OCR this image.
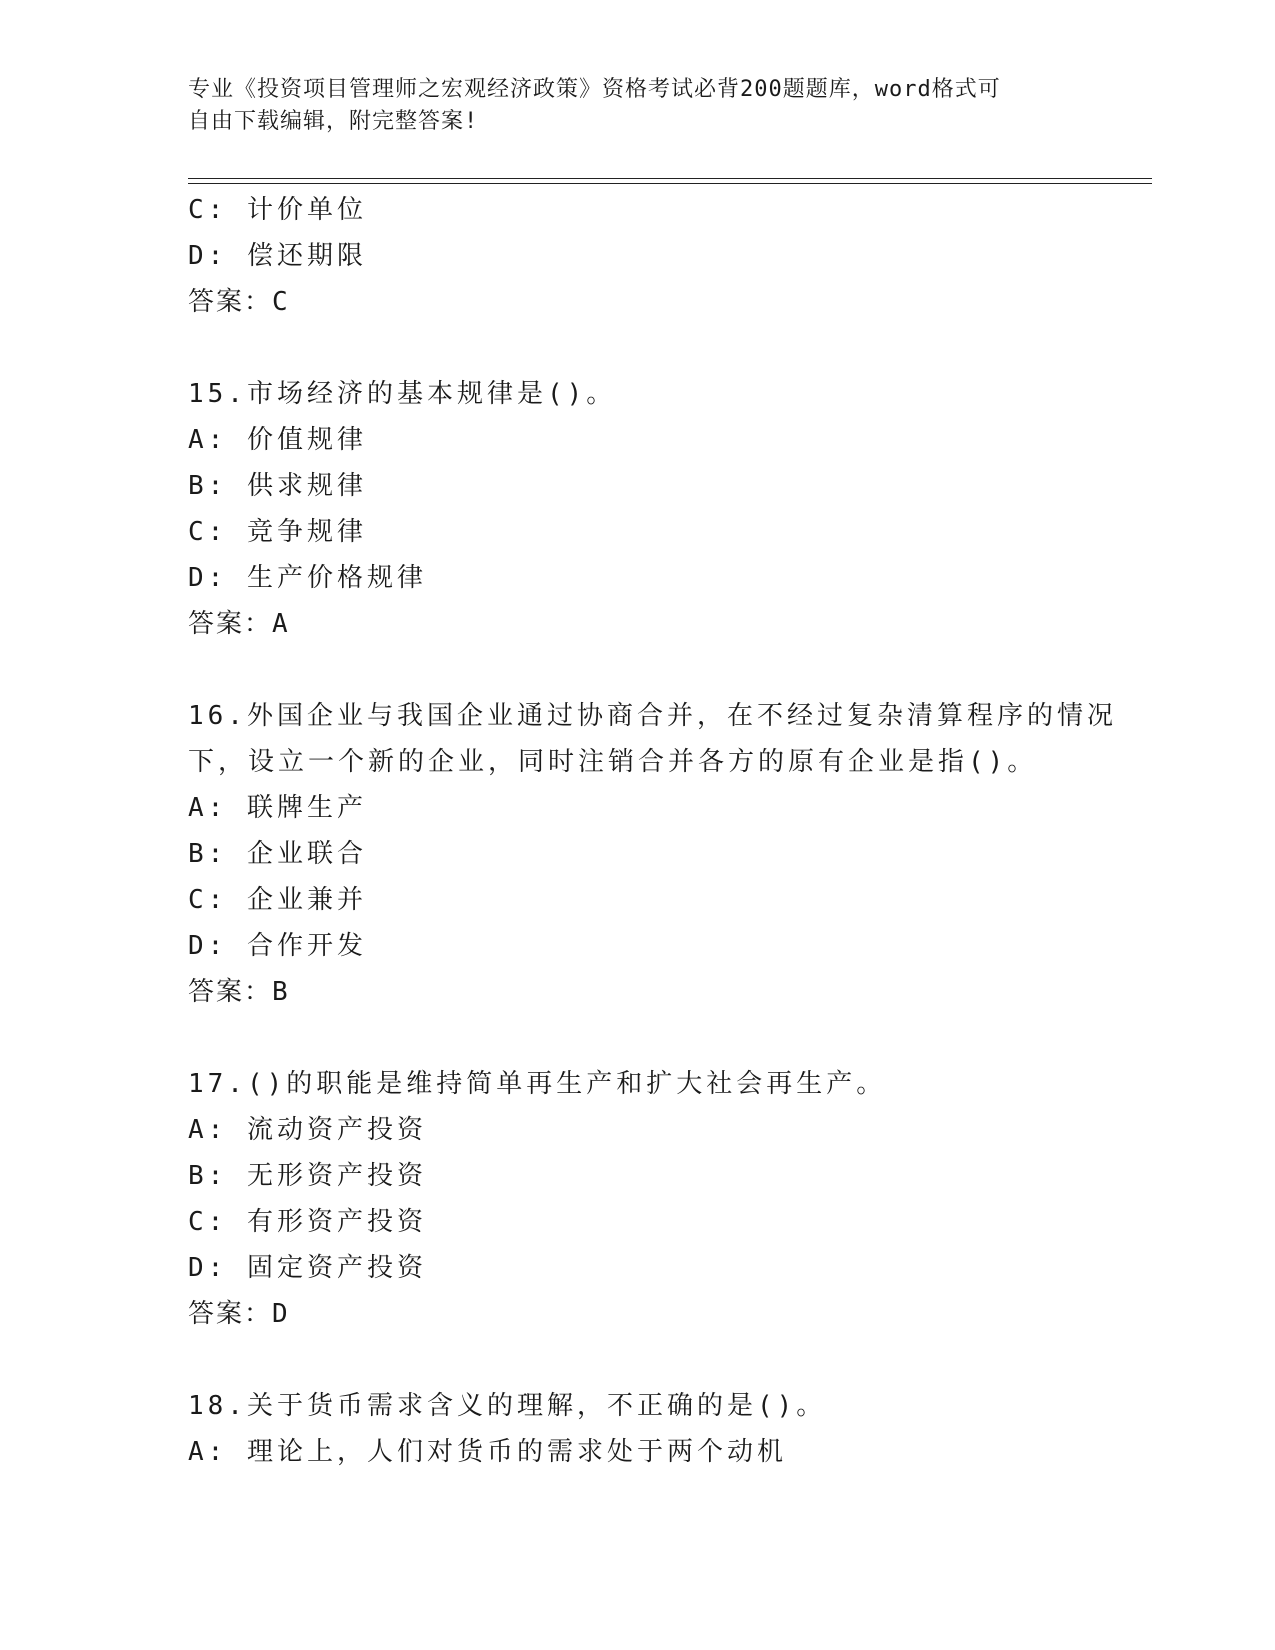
专业《投资项目管理师之宏观经济政策》资格考试必背200题题库，word格式可
自由下载编辑，附完整答案!
C: 计价单位
D: 偿还期限
答案：C
15.市场经济的基本规律是()。
A: 价值规律
B: 供求规律
C: 竞争规律
D: 生产价格规律
答案：A
16.外国企业与我国企业通过协商合并，在不经过复杂清算程序的情况
下，设立一个新的企业，同时注销合并各方的原有企业是指()。
A: 联牌生产
B: 企业联合
C: 企业兼并
D: 合作开发
答案：B
17.()的职能是维持简单再生产和扩大社会再生产。
A: 流动资产投资
B: 无形资产投资
C: 有形资产投资
D: 固定资产投资
答案：D
18.关于货币需求含义的理解，不正确的是()。
A: 理论上，人们对货币的需求处于两个动机
